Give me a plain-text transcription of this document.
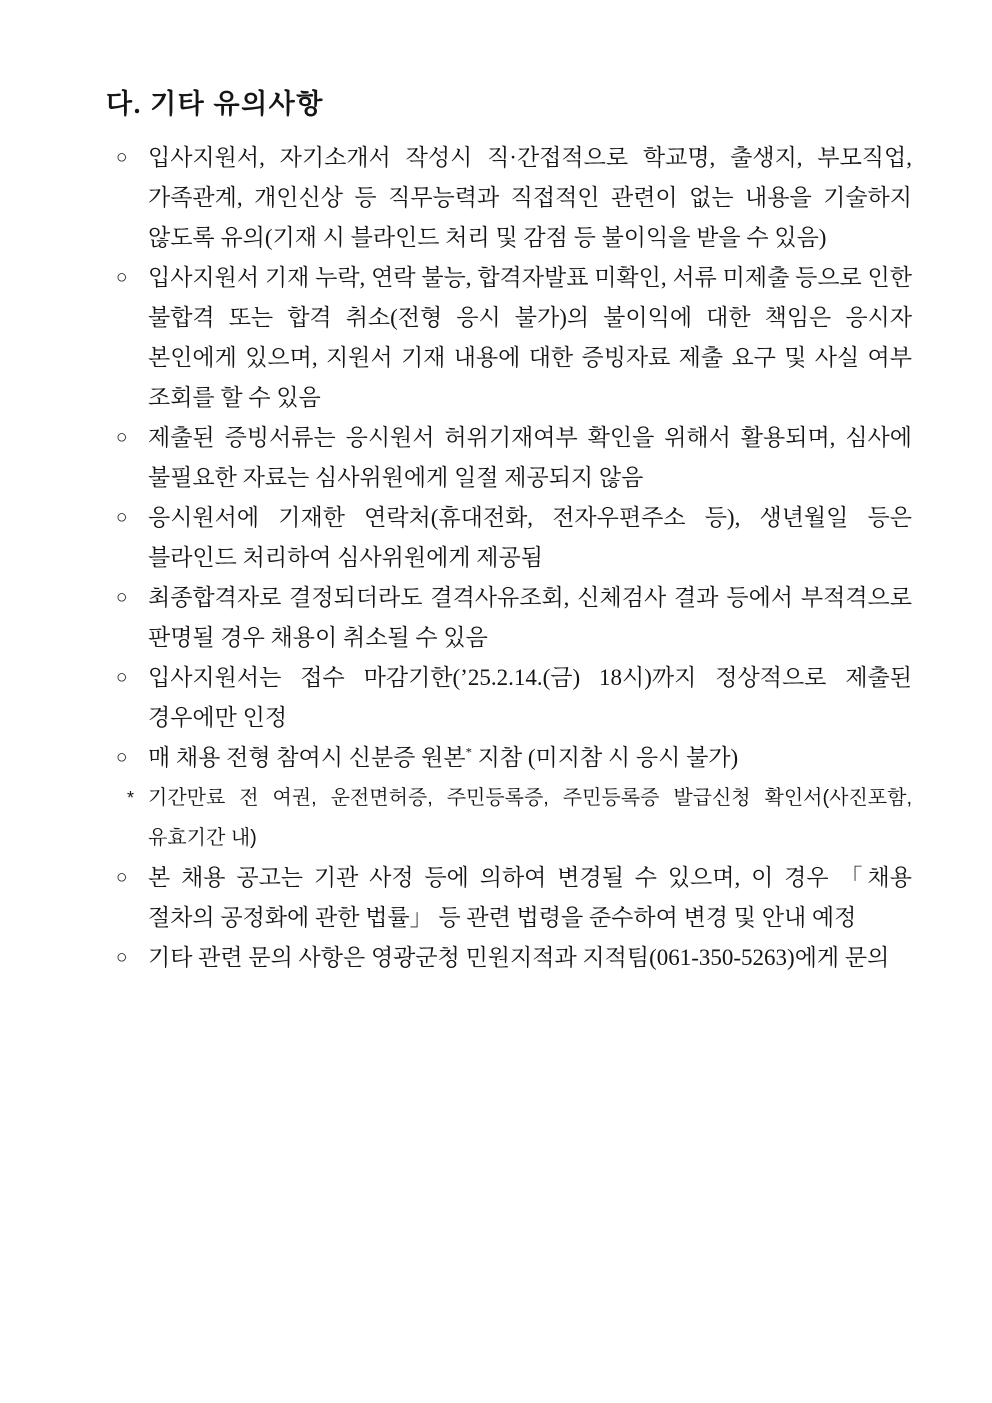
다. 기타 유의사항
○ 입사지원서, 자기소개서 작성시 직·간접적으로 학교명, 출생지, 부모직업, 가족관계, 개인신상 등 직무능력과 직접적인 관련이 없는 내용을 기술하지 않도록 유의(기재 시 블라인드 처리 및 감점 등 불이익을 받을 수 있음)
○ 입사지원서 기재 누락, 연락 불능, 합격자발표 미확인, 서류 미제출 등으로 인한 불합격 또는 합격 취소(전형 응시 불가)의 불이익에 대한 책임은 응시자 본인에게 있으며, 지원서 기재 내용에 대한 증빙자료 제출 요구 및 사실 여부 조회를 할 수 있음
○ 제출된 증빙서류는 응시원서 허위기재여부 확인을 위해서 활용되며, 심사에 불필요한 자료는 심사위원에게 일절 제공되지 않음
○ 응시원서에 기재한 연락처(휴대전화, 전자우편주소 등), 생년월일 등은 블라인드 처리하여 심사위원에게 제공됨
○ 최종합격자로 결정되더라도 결격사유조회, 신체검사 결과 등에서 부적격으로 판명될 경우 채용이 취소될 수 있음
○ 입사지원서는 접수 마감기한(’25.2.14.(금) 18시)까지 정상적으로 제출된 경우에만 인정
○ 매 채용 전형 참여시 신분증 원본* 지참 (미지참 시 응시 불가)
* 기간만료 전 여권, 운전면허증, 주민등록증, 주민등록증 발급신청 확인서(사진포함, 유효기간 내)
○ 본 채용 공고는 기관 사정 등에 의하여 변경될 수 있으며, 이 경우 「채용 절차의 공정화에 관한 법률」 등 관련 법령을 준수하여 변경 및 안내 예정
○ 기타 관련 문의 사항은 영광군청 민원지적과 지적팀(061-350-5263)에게 문의
